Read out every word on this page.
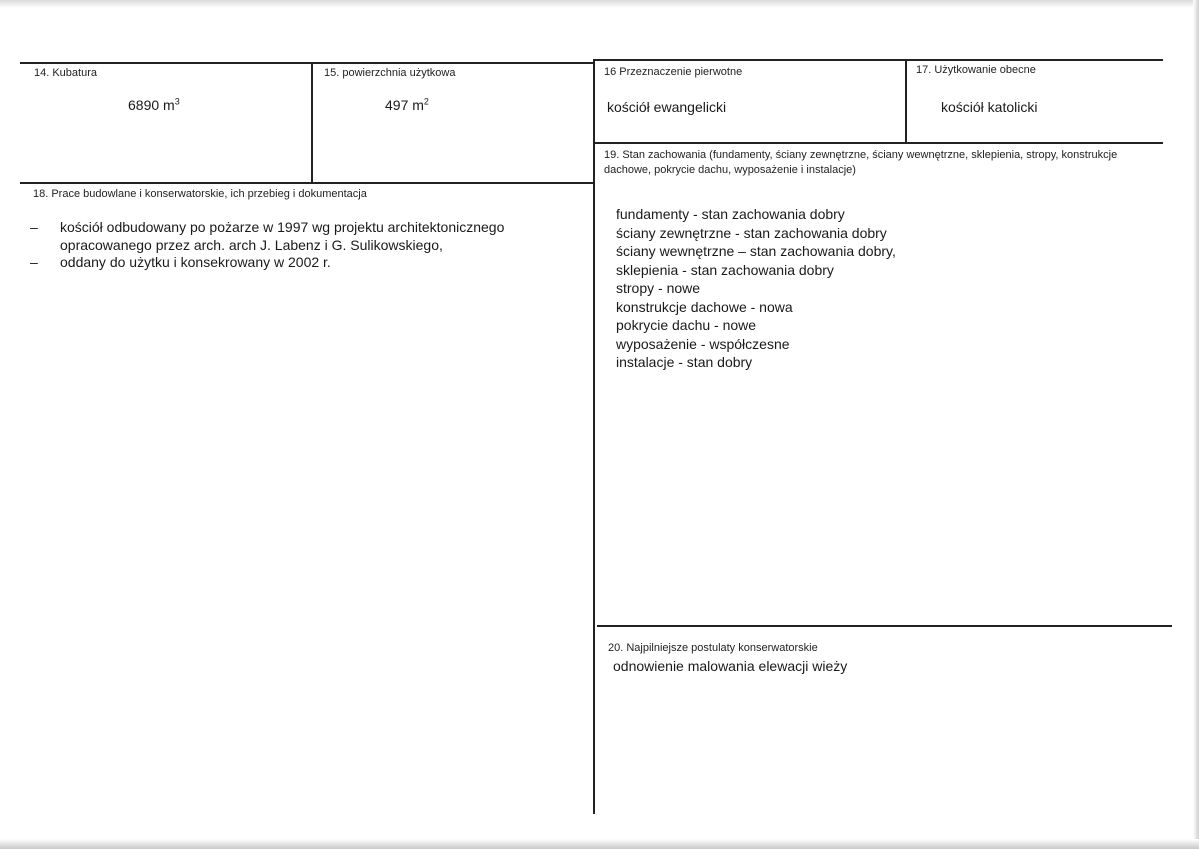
14. Kubatura
6890 $m^3$
15. powierzchnia użytkowa
497 $m^2$
16 Przeznaczenie pierwotne
kościół ewangelicki
17. Użytkowanie obecne
kościół katolicki
18. Prace budowlane i konserwatorskie, ich przebieg i dokumentacja
– kościół odbudowany po pożarze w 1997 wg projektu architektonicznego
opracowanego przez arch. arch J. Labenz i G. Sulikowskiego,
– oddany do użytku i konsekrowany w 2002 r.
19. Stan zachowania (fundamenty, ściany zewnętrzne, ściany wewnętrzne, sklepienia, stropy, konstrukcje dachowe, pokrycie dachu, wyposażenie i instalacje)
fundamenty - stan zachowania dobry
ściany zewnętrzne - stan zachowania dobry
ściany wewnętrzne – stan zachowania dobry,
sklepienia - stan zachowania dobry
stropy - nowe
konstrukcje dachowe - nowa
pokrycie dachu - nowe
wyposażenie - współczesne
instalacje - stan dobry
20. Najpilniejsze postulaty konserwatorskie
odnowienie malowania elewacji wieży
